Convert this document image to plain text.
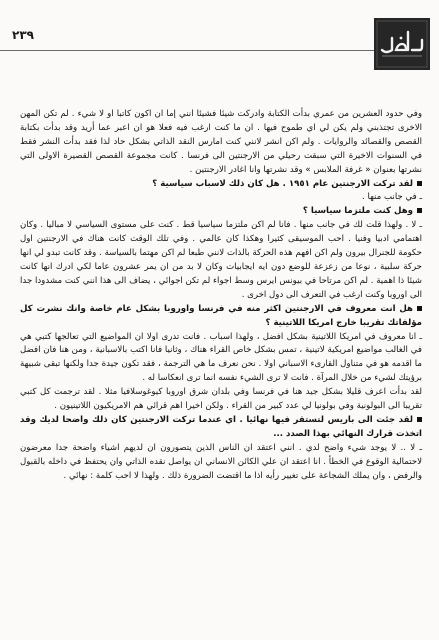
٢٣٩

وفي حدود العشرين من عمري بدأت الكتابة وادركت شيئا فشيئا انني إما ان اكون كاتبا او لا شيء . لم تكن المهن الاخرى تجتذبني ولم يكن لي اي طموح فيها . ان ما كنت ارغب فيه فعلا هو ان اعبر عما أريد وقد بدأت بكتابة القصص والقصائد والروايات . ولم اكن انشر لانني كنت امارس النقد الذاتي بشكل حاد لذا فقد بدأت النشر فقط في السنوات الاخيرة التي سبقت رحيلي من الارجنتين الى فرنسا . كانت مجموعة القصص القصيرة الاولى التي نشرتها بعنوان « غرفة الملابس » وقد نشرتها وانا اغادر الارجنتين .

لقد تركت الارجنتين عام ١٩٥١ . هل كان ذلك لاسباب سياسية ؟

ـ في جانب منها .

وهل كنت ملتزما سياسيا ؟

ـ لا . ولهذا قلت لك في جانب منها . فانا لم اكن ملتزما سياسيا قط . كنت على مستوى السياسي لا مباليا . وكان اهتمامي ادبيا وفنيا . احب الموسيقى كثيرا وهكذا كان عالمي . وفي تلك الوقت كانت هناك في الارجنتين اول حكومة للجنرال بيرون ولم اكن افهم هذه الحركة بالذات لانني طبعا لم اكن مهتما بالسياسة . وقد كانت تبدو لي انها حركة سلبية ، نوعا من زعزعة للوضع دون ايه ايجابيات وكان لا بد من ان يمر عشرون عاما لكي ادرك انها كانت شيئا ذا اهمية . لم اكن مرتاحا في بيونس ايرس وسط اجواء لم تكن اجوائي ، يضاف الى هذا انني كنت مشدودا جدا الى اوروبا وكنت ارغب في التعرف الى دول اخرى .

هل انت معروف في الارجنتين اكثر منه في فرنسا واوروبا بشكل عام خاصة وانك نشرت كل مؤلفاتك تقريبا خارج امريكا اللاتينية ؟

ـ انا معروف في امريكا اللاتينية بشكل افضل ، ولهذا اسباب . فانت تدرى اولا ان المواضيع التي تعالجها كتبي هي في الغالب مواضيع امريكية لاتينية ، تمس بشكل خاص القراء هناك ، وثانيا فانا اكتب بالاسبانية ، ومن هنا فان افضل ما اقدمه هو في متناول القارىء الاسباني اولا . نحن نعرف ما هي الترجمة ، فقد تكون جيدة جدا ولكنها تبقى شبيهة برؤيتك لشيء من خلال المرآة . فانت لا ترى الشيء نفسه انما ترى انعكاسا له .

لقد بدأت اعرف قليلا بشكل جيد هنا في فرنسا وفي بلدان شرق اوروبا كيوغوسلافيا مثلا . لقد ترجمت كل كتبي تقريبا الى البولونية وفي بولونيا لي عدد كبير من القراء . ولكن اخيرا اهم قرائي هم الامريكيون اللاتينيون .

لقد جئت الى باريس لتستقر فيها نهائيا . اي عندما تركت الارجنتين كان ذلك واضحا لديك وقد اتخذت قرارك النهائي بهذا الصدد ...

ـ لا .. لا يوجد شيء واضح لدي . انني اعتقد ان الناس الذين يتصورون ان لديهم اشياء واضحة جدا معرضون لاحتمالية الوقوع في الخطأ . انا اعتقد ان علي الكائن الانساني ان يواصل نقده الذاتي وان يحتفظ في داخله بالقبول والرفض ، وان يملك الشجاعة على تغيير رأيه اذا ما اقتضت الضرورة ذلك . ولهذا لا احب كلمة : نهائي .
